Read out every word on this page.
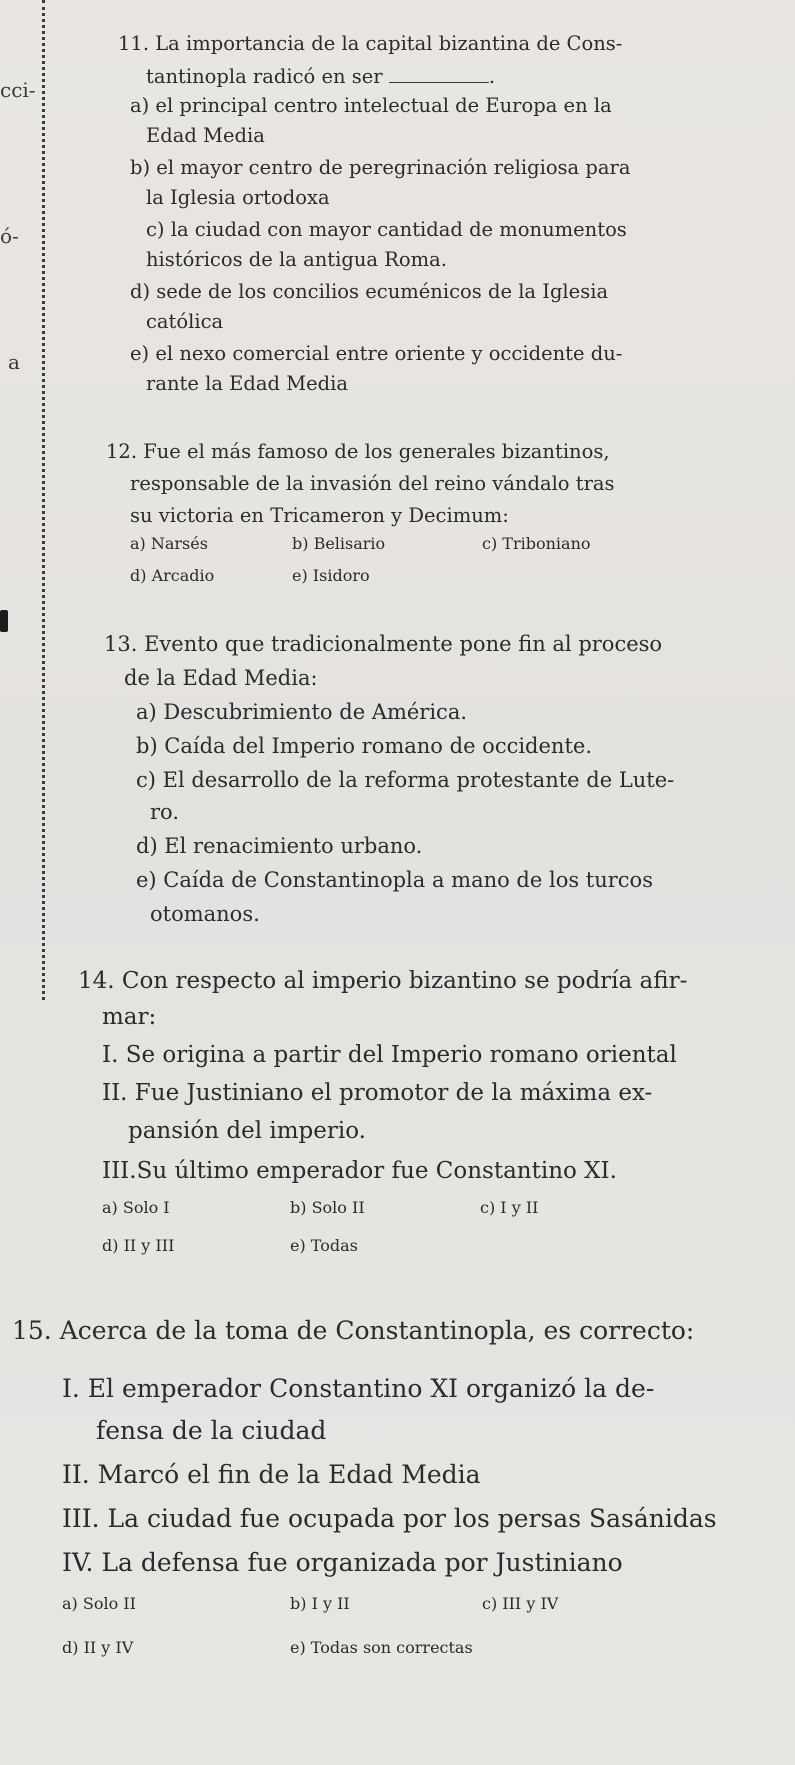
cci-
ó-
a
11. La importancia de la capital bizantina de Cons-
tantinopla radicó en ser	.
a) el principal centro intelectual de Europa en la
Edad Media
b) el mayor centro de peregrinación religiosa para
la Iglesia ortodoxa
c) la ciudad con mayor cantidad de monumentos
históricos de la antigua Roma.
d) sede de los concilios ecuménicos de la Iglesia
católica
e) el nexo comercial entre oriente y occidente du-
rante la Edad Media
12. Fue el más famoso de los generales bizantinos,
responsable de la invasión del reino vándalo tras
su victoria en Tricameron y Decimum:
a) Narsés	b) Belisario	c) Triboniano
d) Arcadio	e) Isidoro
13. Evento que tradicionalmente pone fin al proceso
de la Edad Media:
a) Descubrimiento de América.
b) Caída del Imperio romano de occidente.
c) El desarrollo de la reforma protestante de Lute-
ro.
d) El renacimiento urbano.
e) Caída de Constantinopla a mano de los turcos
otomanos.
14. Con respecto al imperio bizantino se podría afir-
mar:
I. Se origina a partir del Imperio romano oriental
II. Fue Justiniano el promotor de la máxima ex-
pansión del imperio.
III.Su último emperador fue Constantino XI.
a) Solo I	b) Solo II	c) I y II
d) II y III	e) Todas
15. Acerca de la toma de Constantinopla, es correcto:
I. El emperador Constantino XI organizó la de-
fensa de la ciudad
II. Marcó el fin de la Edad Media
III. La ciudad fue ocupada por los persas Sasánidas
IV. La defensa fue organizada por Justiniano
a) Solo II	b) I y II	c) III y IV
d) II y IV	e) Todas son correctas
